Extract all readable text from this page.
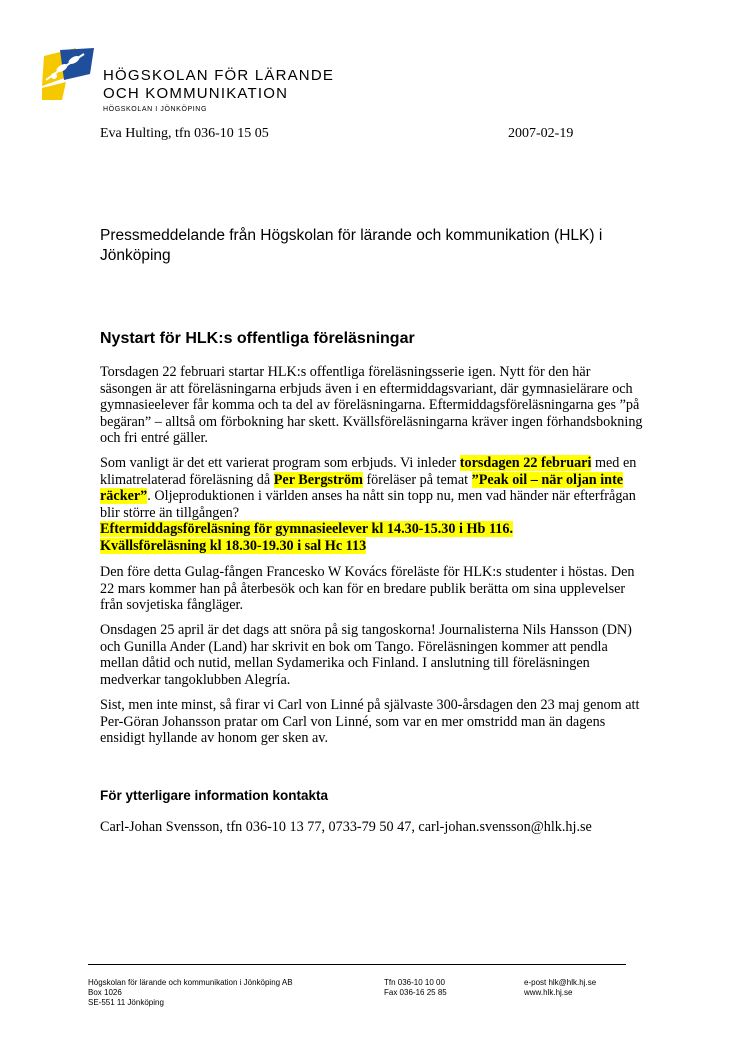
HÖGSKOLAN FÖR LÄRANDE
OCH KOMMUNIKATION
HÖGSKOLAN I JÖNKÖPING
Eva Hulting, tfn 036-10 15 05	2007-02-19
Pressmeddelande från Högskolan för lärande och kommunikation (HLK) i Jönköping
Nystart för HLK:s offentliga föreläsningar
Torsdagen 22 februari startar HLK:s offentliga föreläsningsserie igen. Nytt för den här säsongen är att föreläsningarna erbjuds även i en eftermiddagsvariant, där gymnasielärare och gymnasieelever får komma och ta del av föreläsningarna. Eftermiddagsföreläsningarna ges ”på begäran” – alltså om förbokning har skett. Kvällsföreläsningarna kräver ingen förhandsbokning och fri entré gäller.
Som vanligt är det ett varierat program som erbjuds. Vi inleder torsdagen 22 februari med en klimatrelaterad föreläsning då Per Bergström föreläser på temat ”Peak oil – när oljan inte räcker”. Oljeproduktionen i världen anses ha nått sin topp nu, men vad händer när efterfrågan blir större än tillgången?
Eftermiddagsföreläsning för gymnasieelever kl 14.30-15.30 i Hb 116.
Kvällsföreläsning kl 18.30-19.30 i sal Hc 113
Den före detta Gulag-fången Francesko W Kovács föreläste för HLK:s studenter i höstas. Den 22 mars kommer han på återbesök och kan för en bredare publik berätta om sina upplevelser från sovjetiska fångläger.
Onsdagen 25 april är det dags att snöra på sig tangoskorna! Journalisterna Nils Hansson (DN) och Gunilla Ander (Land) har skrivit en bok om Tango. Föreläsningen kommer att pendla mellan dåtid och nutid, mellan Sydamerika och Finland. I anslutning till föreläsningen medverkar tangoklubben Alegría.
Sist, men inte minst, så firar vi Carl von Linné på självaste 300-årsdagen den 23 maj genom att Per-Göran Johansson pratar om Carl von Linné, som var en mer omstridd man än dagens ensidigt hyllande av honom ger sken av.
För ytterligare information kontakta
Carl-Johan Svensson, tfn 036-10 13 77, 0733-79 50 47, carl-johan.svensson@hlk.hj.se
Högskolan för lärande och kommunikation i Jönköping AB
Box 1026
SE-551 11 Jönköping
Tfn 036-10 10 00
Fax 036-16 25 85
e-post hlk@hlk.hj.se
www.hlk.hj.se
